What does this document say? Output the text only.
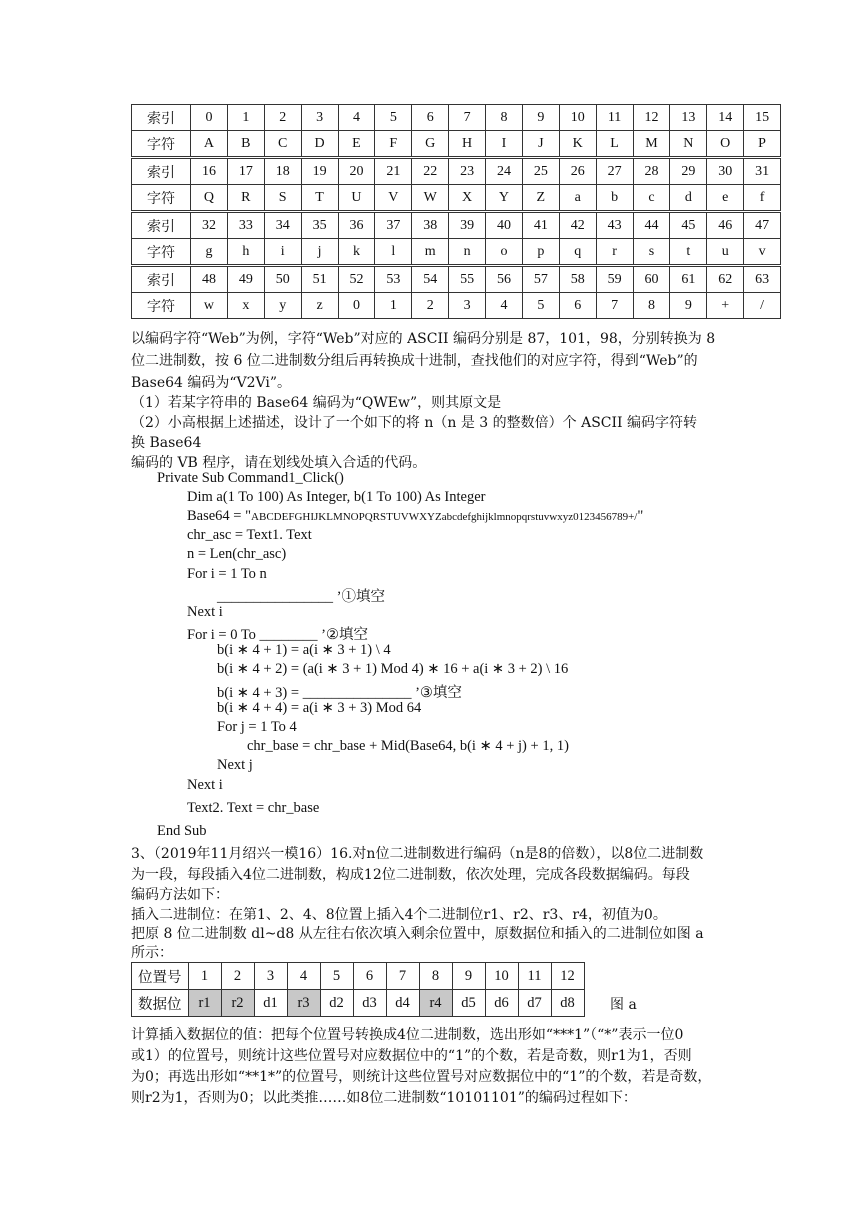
索引	0	1	2	3	4	5	6	7	8	9	10	11	12	13	14	15
字符	A	B	C	D	E	F	G	H	I	J	K	L	M	N	O	P
索引	16	17	18	19	20	21	22	23	24	25	26	27	28	29	30	31
字符	Q	R	S	T	U	V	W	X	Y	Z	a	b	c	d	e	f
索引	32	33	34	35	36	37	38	39	40	41	42	43	44	45	46	47
字符	g	h	i	j	k	l	m	n	o	p	q	r	s	t	u	v
索引	48	49	50	51	52	53	54	55	56	57	58	59	60	61	62	63
字符	w	x	y	z	0	1	2	3	4	5	6	7	8	9	+	/
以编码字符“Web”为例，字符“Web”对应的 ASCII 编码分别是 87，101，98，分别转换为 8
位二进制数，按 6 位二进制数分组后再转换成十进制，查找他们的对应字符，得到“Web”的
Base64 编码为“V2Vi”。
（1）若某字符串的 Base64 编码为“QWEw”，则其原文是
（2）小高根据上述描述，设计了一个如下的将 n（n 是 3 的整数倍）个 ASCII 编码字符转
换 Base64
编码的 VB 程序，请在划线处填入合适的代码。
Private Sub Command1_Click()
Dim a(1 To 100) As Integer, b(1 To 100) As Integer
Base64 = "ABCDEFGHIJKLMNOPQRSTUVWXYZabcdefghijklmnopqrstuvwxyz0123456789+/"
chr_asc = Text1. Text
n = Len(chr_asc)
For i = 1 To n
________________ ’①填空
Next i
For i = 0 To ________ ’②填空
b(i ∗ 4 + 1) = a(i ∗ 3 + 1) \ 4
b(i ∗ 4 + 2) = (a(i ∗ 3 + 1) Mod 4) ∗ 16 + a(i ∗ 3 + 2) \ 16
b(i ∗ 4 + 3) = _______________ ’③填空
b(i ∗ 4 + 4) = a(i ∗ 3 + 3) Mod 64
For j = 1 To 4
chr_base = chr_base + Mid(Base64, b(i ∗ 4 + j) + 1, 1)
Next j
Next i
Text2. Text = chr_base
End Sub
3、（2019年11月绍兴一模16）16.对n位二进制数进行编码（n是8的倍数），以8位二进制数
为一段，每段插入4位二进制数，构成12位二进制数，依次处理，完成各段数据编码。每段
编码方法如下：
插入二进制位：在第1、2、4、8位置上插入4个二进制位r1、r2、r3、r4，初值为0。
把原 8 位二进制数 dl~d8 从左往右依次填入剩余位置中，原数据位和插入的二进制位如图 a
所示：
位置号	1	2	3	4	5	6	7	8	9	10	11	12
数据位	r1	r2	d1	r3	d2	d3	d4	r4	d5	d6	d7	d8	图 a
计算插入数据位的值：把每个位置号转换成4位二进制数，选出形如“***1”（“*”表示一位0
或1）的位置号，则统计这些位置号对应数据位中的“1”的个数，若是奇数，则r1为1，否则
为0；再选出形如“**1*”的位置号，则统计这些位置号对应数据位中的“1”的个数，若是奇数，
则r2为1，否则为0；以此类推……如8位二进制数“10101101”的编码过程如下：
